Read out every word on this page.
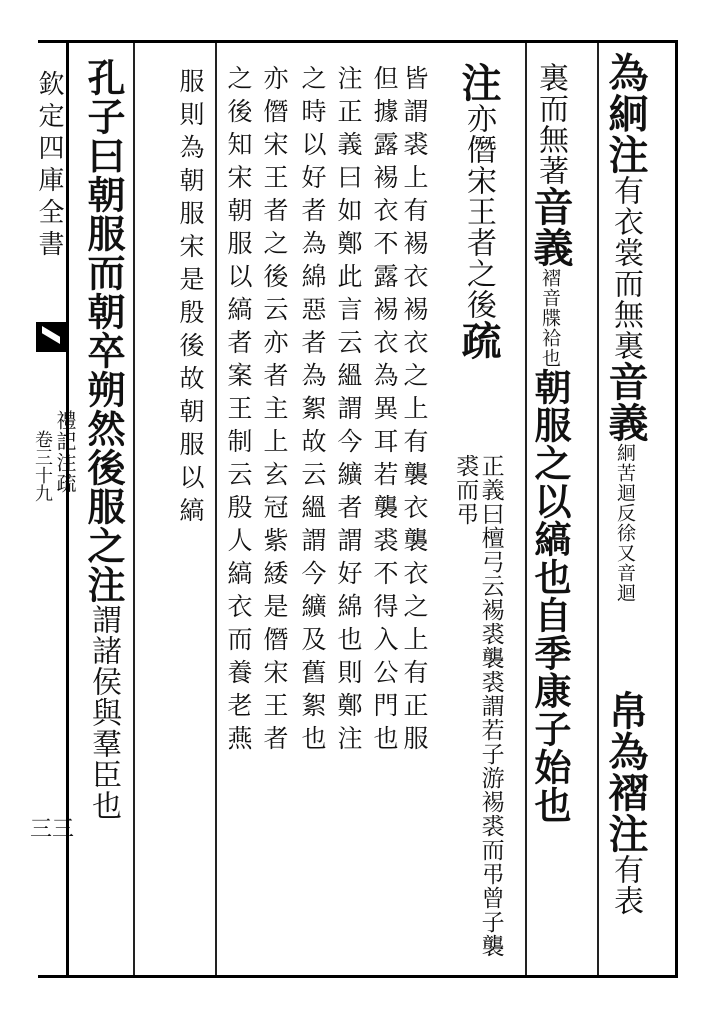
欽定四庫全書
禮記注疏
卷三十九
三三
為絅注有衣裳而無裏音義絅苦迴反徐又音迴
帛為褶注有表
裏而無著音義褶音牒袷也朝服之以縞也自季康子始也
注亦僭宋王者之後疏
正義曰檀弓云裼裘襲裘謂若子游裼裘而弔曾子襲裘而弔
皆謂裘上有裼衣裼衣之上有襲衣襲衣之上有正服
但據露裼衣不露裼衣為異耳若襲裘不得入公門也
注正義曰如鄭此言云縕謂今纊者謂好綿也則鄭注
之時以好者為綿惡者為絮故云縕謂今纊及舊絮也
亦僭宋王者之後云亦者主上玄冠紫緌是僭宋王者
之後知宋朝服以縞者案王制云殷人縞衣而養老燕
服則為朝服宋是殷後故朝服以縞
孔子曰朝服而朝卒朔然後服之注謂諸侯與羣臣也
